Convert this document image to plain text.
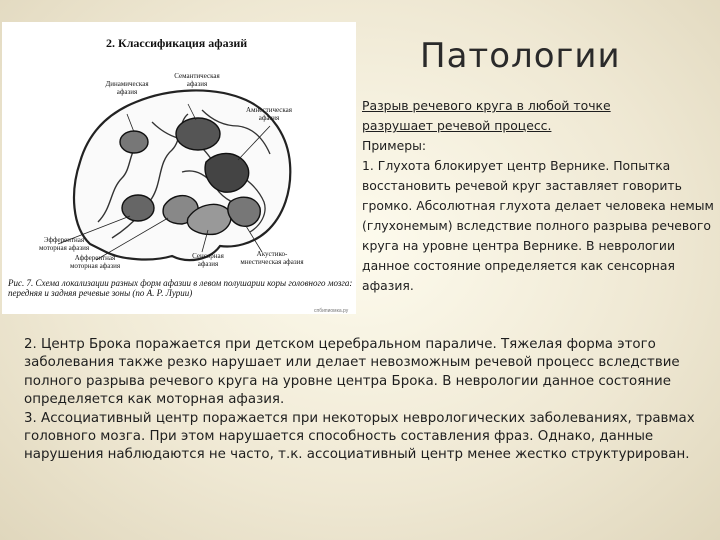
2. Классификация афазий
Семантическая афазия
Динамическая афазия
Амнестическая афазия
Эфферентная моторная афазия
Афферентная моторная афазия
Сенсорная афазия
Акустико-мнестическая афазия
Рис. 7. Схема локализации разных форм афазии в левом полушарии коры головного мозга: передняя и задняя речевые зоны (по А. Р. Лурии)
спбипиомка.ру
Патологии

Разрыв речевого круга в любой точке

разрушает речевой процесс.

Примеры:

1. Глухота блокирует центр Вернике. Попытка восстановить речевой круг заставляет говорить громко. Абсолютная глухота делает человека немым (глухонемым) вследствие полного разрыва речевого круга на уровне центра Вернике. В неврологии данное состояние определяется как сенсорная афазия.

2. Центр Брока поражается при детском церебральном параличе. Тяжелая форма этого заболевания также резко нарушает или делает невозможным речевой процесс вследствие полного разрыва речевого круга на уровне центра Брока. В неврологии данное состояние определяется как моторная афазия.

3. Ассоциативный центр поражается при некоторых неврологических заболеваниях, травмах головного мозга. При этом нарушается способность составления фраз. Однако, данные нарушения наблюдаются не часто, т.к. ассоциативный центр менее жестко структурирован.
